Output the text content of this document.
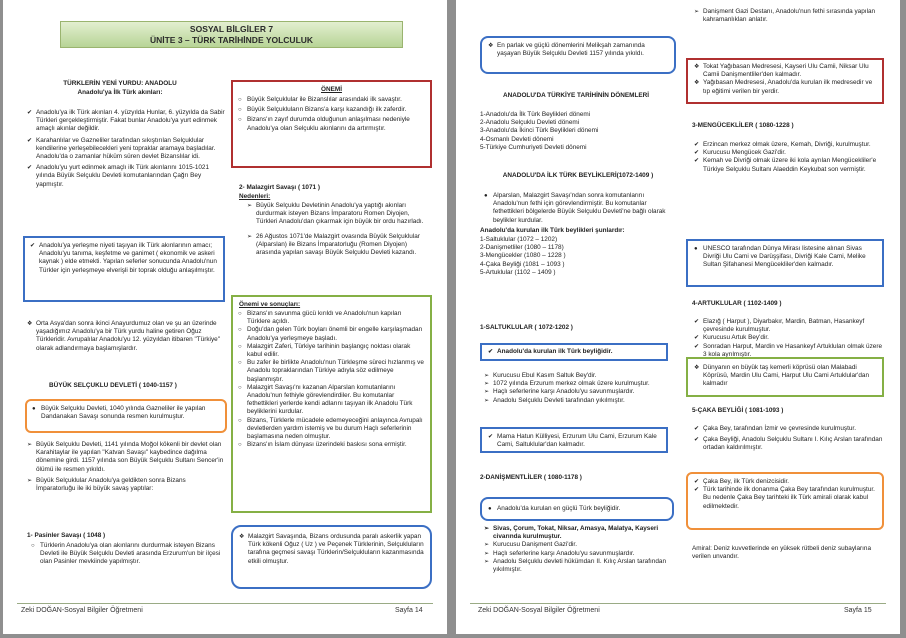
SOSYAL BİLGİLER 7
ÜNİTE 3 – TÜRK TARİHİNDE YOLCULUK
TÜRKLERİN YENİ YURDU: ANADOLU
Anadolu'ya İlk Türk akınları:
✔ Anadolu'ya ilk Türk akınları 4. yüzyılda Hunlar, 6. yüzyılda da Sabir Türkleri gerçekleştirmiştir. Fakat bunlar Anadolu'ya yurt edinmek amaçlı akınlar değildir.
✔ Karahanlılar ve Gazneliler tarafından sıkıştırılan Selçuklular kendilerine yerleşebilecekleri yeni topraklar aramaya başladılar. Anadolu'da o zamanlar hüküm süren devlet Bizanslılar idi.
✔ Anadolu'yu yurt edinmek amaçlı ilk Türk akınlarını 1015-1021 yılında Büyük Selçuklu Devleti komutanlarından Çağrı Bey yapmıştır.
✔ Anadolu'ya yerleşme niyeti taşıyan ilk Türk akınlarının amacı; Anadolu'yu tanıma, keşfetme ve ganimet ( ekonomik ve askeri kaynak ) elde etmekti. Yapılan seferler sonucunda Anadolu'nun Türkler için yerleşmeye elverişli bir toprak olduğu anlaşılmıştır.
❖ Orta Asya'dan sonra ikinci Anayurdumuz olan ve şu an üzerinde yaşadığımız Anadolu'ya bir Türk yurdu haline getiren Oğuz Türkleridir. Avrupalılar Anadolu'yu 12. yüzyıldan itibaren "Türkiye" olarak adlandırmaya başlamışlardır.
BÜYÜK SELÇUKLU DEVLETİ ( 1040-1157 )
● Büyük Selçuklu Devleti, 1040 yılında Gazneliler ile yapılan Dandanakan Savaşı sonunda resmen kurulmuştur.
➢ Büyük Selçuklu Devleti, 1141 yılında Moğol kökenli bir devlet olan Karahitaylar ile yapılan "Katvan Savaşı" kaybedince dağılma dönemine girdi. 1157 yılında son Büyük Selçuklu Sultanı Sencer'in ölümü ile resmen yıkıldı.
➢ Büyük Selçuklular Anadolu'ya geldikten sonra Bizans İmparatorluğu ile iki büyük savaş yaptılar:
1- Pasinler Savaşı ( 1048 )
○ Türklerin Anadolu'ya olan akınlarını durdurmak isteyen Bizans Devleti ile Büyük Selçuklu Devleti arasında Erzurum'un bir ilçesi olan Pasinler mevkiinde yapılmıştır.
ÖNEMİ
○ Büyük Selçuklular ile Bizanslılar arasındaki ilk savaştır.
○ Büyük Selçukluların Bizans'a karşı kazandığı ilk zaferdir.
○ Bizans'ın zayıf durumda olduğunun anlaşılması nedeniyle Anadolu'ya olan Selçuklu akınlarını da artırmıştır.
2- Malazgirt Savaşı ( 1071 )
Nedenleri:
➢ Büyük Selçuklu Devletinin Anadolu'ya yaptığı akınları durdurmak isteyen Bizans İmparatoru Romen Diyojen, Türkleri Anadolu'dan çıkarmak için büyük bir ordu hazırladı.
➢ 26 Ağustos 1071'de Malazgirt ovasında Büyük Selçuklular (Alparslan) ile Bizans İmparatorluğu (Romen Diyojen) arasında yapılan savaşı Büyük Selçuklu Devleti kazandı.
Önemi ve sonuçları:
○ Bizans'ın savunma gücü kırıldı ve Anadolu'nun kapıları Türklere açıldı.
○ Doğu'dan gelen Türk boyları önemli bir engelle karşılaşmadan Anadolu'ya yerleşmeye başladı.
○ Malazgirt Zaferi, Türkiye tarihinin başlangıç noktası olarak kabul edilir.
○ Bu zafer ile birlikte Anadolu'nun Türkleşme süreci hızlanmış ve Anadolu topraklarından Türkiye adıyla söz edilmeye başlanmıştır.
○ Malazgirt Savaşı'nı kazanan Alparslan komutanlarını Anadolu'nun fethiyle görevlendirdiler. Bu komutanlar fethettikleri yerlerde kendi adlarını taşıyan ilk Anadolu Türk beyliklerini kurdular.
○ Bizans, Türklerle mücadele edemeyeceğini anlayınca Avrupalı devletlerden yardım istemiş ve bu durum Haçlı seferlerinin başlamasına neden olmuştur.
○ Bizans'ın İslam dünyası üzerindeki baskısı sona ermiştir.
❖ Malazgirt Savaşında, Bizans ordusunda paralı askerlik yapan Türk kökenli Oğuz ( Uz ) ve Peçenek Türklerinin, Selçukluların tarafına geçmesi savaşı Türklerin/Selçukluların kazanmasında etkili olmuştur.
Zeki DOĞAN-Sosyal Bilgiler Öğretmeni	Sayfa 14
❖ En parlak ve güçlü dönemlerini Melikşah zamanında yaşayan Büyük Selçuklu Devleti 1157 yılında yıkıldı.
ANADOLU'DA TÜRKİYE TARİHİNİN DÖNEMLERİ
1-Anadolu'da İlk Türk Beylikleri dönemi
2-Anadolu Selçuklu Devleti dönemi
3-Anadolu'da İkinci Türk Beylikleri dönemi
4-Osmanlı Devleti dönemi
5-Türkiye Cumhuriyeti Devleti dönemi
ANADOLU'DA İLK TÜRK BEYLİKLERİ(1072-1409 )
● Alparslan, Malazgirt Savaşı'ndan sonra komutanlarını Anadolu'nun fethi için görevlendirmiştir. Bu komutanlar fethettikleri bölgelerde Büyük Selçuklu Devleti'ne bağlı olarak beylikler kurdular.
Anadolu'da kurulan ilk Türk beylikleri şunlardır:
1-Saltuklular (1072 – 1202)
2-Danişmetliler (1080 – 1178)
3-Mengücekler (1080 – 1228 )
4-Çaka Beyliği (1081 – 1093 )
5-Artuklular (1102 – 1409 )
1-SALTUKLULAR ( 1072-1202 )
✔ Anadolu'da kurulan ilk Türk beyliğidir.
➢ Kurucusu Ebul Kasım Saltuk Bey'dir.
➢ 1072 yılında Erzurum merkez olmak üzere kurulmuştur.
➢ Haçlı seferlerine karşı Anadolu'yu savunmuşlardır.
➢ Anadolu Selçuklu Devleti tarafından yıkılmıştır.
✔ Mama Hatun Külliyesi, Erzurum Ulu Cami, Erzurum Kale Cami, Saltuklular'dan kalmadır.
2-DANİŞMENTLİLER ( 1080-1178 )
● Anadolu'da kurulan en güçlü Türk beyliğidir.
➢ Sivas, Çorum, Tokat, Niksar, Amasya, Malatya, Kayseri civarında kurulmuştur.
➢ Kurucusu Danişment Gazi'dir.
➢ Haçlı seferlerine karşı Anadolu'yu savunmuşlardır.
➢ Anadolu Selçuklu devleti hükümdarı II. Kılıç Arslan tarafından yıkılmıştır.
➢ Danişment Gazi Destanı, Anadolu'nun fethi sırasında yapılan kahramanlıkları anlatır.
❖ Tokat Yağıbasan Medresesi, Kayseri Ulu Camii, Niksar Ulu Camii Danişmentliler'den kalmadır.
❖ Yağıbasan Medresesi, Anadolu'da kurulan ilk medresedir ve tıp eğitimi verilen bir yerdir.
3-MENGÜCEKLİLER ( 1080-1228 )
✔ Erzincan merkez olmak üzere, Kemah, Divriği, kurulmuştur.
✔ Kurucusu Mengücek Gazi'dir.
✔ Kemah ve Divriği olmak üzere iki kola ayrılan Mengücekliler'e Türkiye Selçuklu Sultanı Alaeddin Keykubat son vermiştir.
● UNESCO tarafından Dünya Mirası listesine alınan Sivas Divriği Ulu Cami ve Darüşşifası, Divriği Kale Cami, Melike Sultan Şifahanesi Mengücekliler'den kalmadır.
4-ARTUKLULAR ( 1102-1409 )
✔ Elazığ ( Harput ), Diyarbakır, Mardin, Batman, Hasankeyf çevresinde kurulmuştur.
✔ Kurucusu Artuk Bey'dir.
✔ Sonradan Harput, Mardin ve Hasankeyf Artukluları olmak üzere 3 kola ayrılmıştır.
❖ Dünyanın en büyük taş kemerli köprüsü olan Malabadi Köprüsü, Mardin Ulu Cami, Harput Ulu Cami Artuklular'dan kalmadır
5-ÇAKA BEYLİĞİ ( 1081-1093 )
✔ Çaka Bey, tarafından İzmir ve çevresinde kurulmuştur.
✔ Çaka Beyliği, Anadolu Selçuklu Sultanı I. Kılıç Arslan tarafından ortadan kaldırılmıştır.
✔ Çaka Bey, ilk Türk denizcisidir.
✔ Türk tarihinde ilk donanma Çaka Bey tarafından kurulmuştur. Bu nedenle Çaka Bey tarihteki ilk Türk amirali olarak kabul edilmektedir.
Amiral: Deniz kuvvetlerinde en yüksek rütbeli deniz subaylarına verilen unvandır.
Zeki DOĞAN-Sosyal Bilgiler Öğretmeni	Sayfa 15
